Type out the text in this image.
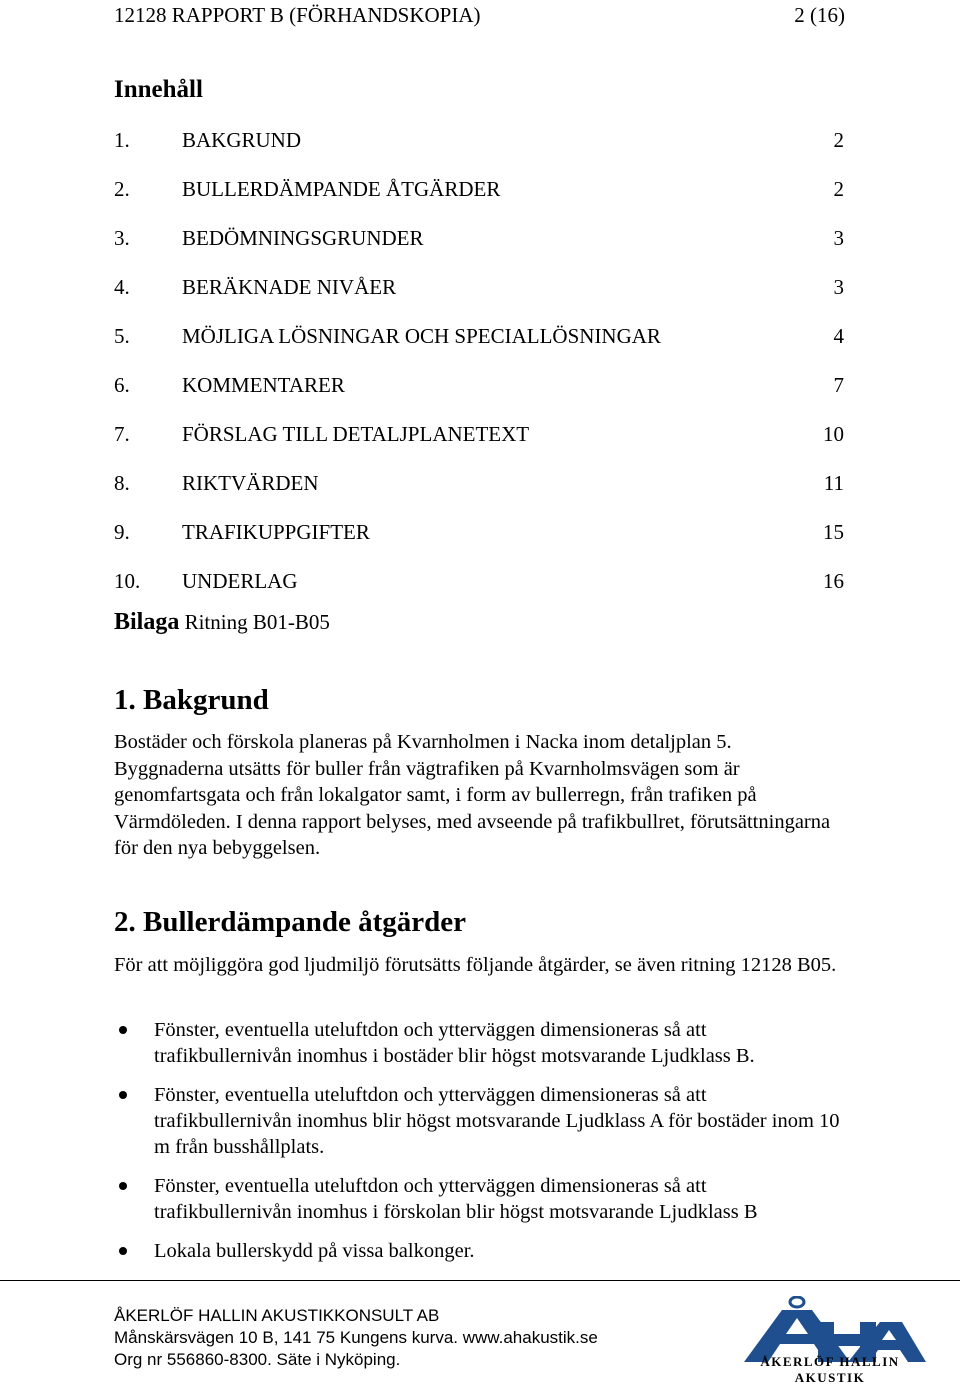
12128 RAPPORT B (FÖRHANDSKOPIA)	2 (16)
Innehåll
1. BAKGRUND	2
2. BULLERDÄMPANDE ÅTGÄRDER	2
3. BEDÖMNINGSGRUNDER	3
4. BERÄKNADE NIVÅER	3
5. MÖJLIGA LÖSNINGAR OCH SPECIALLÖSNINGAR	4
6. KOMMENTARER	7
7. FÖRSLAG TILL DETALJPLANETEXT	10
8. RIKTVÄRDEN	11
9. TRAFIKUPPGIFTER	15
10. UNDERLAG	16
Bilaga Ritning B01-B05
1. Bakgrund
Bostäder och förskola planeras på Kvarnholmen i Nacka inom detaljplan 5. Byggnaderna utsätts för buller från vägtrafiken på Kvarnholmsvägen som är genomfartsgata och från lokalgator samt, i form av bullerregn, från trafiken på Värmdöleden. I denna rapport belyses, med avseende på trafikbullret, förutsättningarna för den nya bebyggelsen.
2. Bullerdämpande åtgärder
För att möjliggöra god ljudmiljö förutsätts följande åtgärder, se även ritning 12128 B05.
Fönster, eventuella uteluftdon och ytterväggen dimensioneras så att trafikbullernivån inomhus i bostäder blir högst motsvarande Ljudklass B.
Fönster, eventuella uteluftdon och ytterväggen dimensioneras så att trafikbullernivån inomhus blir högst motsvarande Ljudklass A för bostäder inom 10 m från busshållplats.
Fönster, eventuella uteluftdon och ytterväggen dimensioneras så att trafikbullernivån inomhus i förskolan blir högst motsvarande Ljudklass B
Lokala bullerskydd på vissa balkonger.
ÅKERLÖF HALLIN AKUSTIKKONSULT AB
Månskärsvägen 10 B, 141 75 Kungens kurva. www.ahakustik.se
Org nr 556860-8300. Säte i Nyköping.	ÅKERLÖF HALLIN AKUSTIK
